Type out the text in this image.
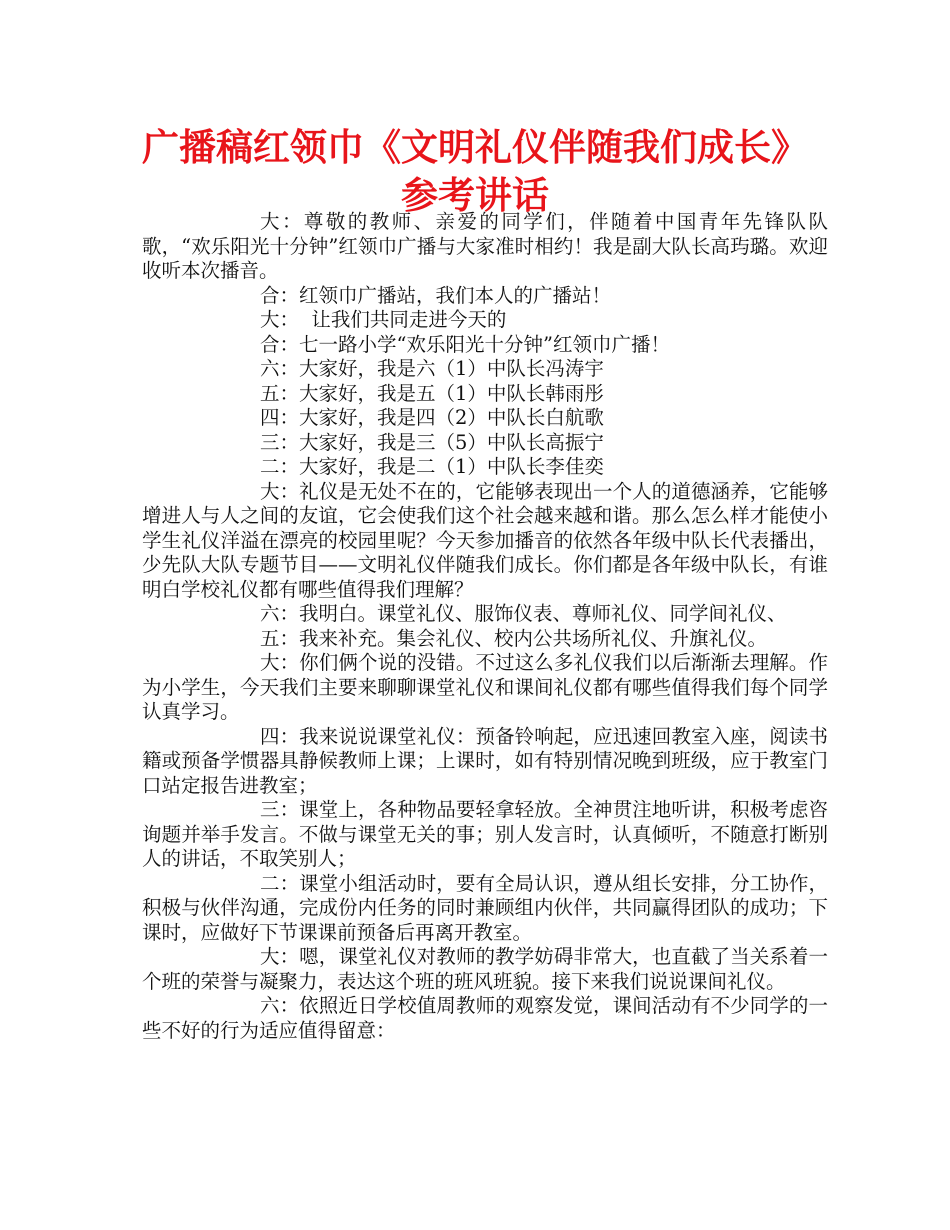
广播稿红领巾《文明礼仪伴随我们成长》
参考讲话

大：尊敬的教师、亲爱的同学们，伴随着中国青年先锋队队歌，“欢乐阳光十分钟”红领巾广播与大家准时相约！我是副大队长高玙璐。欢迎收听本次播音。

合：红领巾广播站，我们本人的广播站！

大：  让我们共同走进今天的

合：七一路小学“欢乐阳光十分钟”红领巾广播！

六：大家好，我是六（1）中队长冯涛宇

五：大家好，我是五（1）中队长韩雨彤

四：大家好，我是四（2）中队长白航歌

三：大家好，我是三（5）中队长高振宁

二：大家好，我是二（1）中队长李佳奕

大：礼仪是无处不在的，它能够表现出一个人的道德涵养，它能够增进人与人之间的友谊，它会使我们这个社会越来越和谐。那么怎么样才能使小学生礼仪洋溢在漂亮的校园里呢？今天参加播音的依然各年级中队长代表播出，少先队大队专题节目——文明礼仪伴随我们成长。你们都是各年级中队长，有谁明白学校礼仪都有哪些值得我们理解？

六：我明白。课堂礼仪、服饰仪表、尊师礼仪、同学间礼仪、

五：我来补充。集会礼仪、校内公共场所礼仪、升旗礼仪。

大：你们俩个说的没错。不过这么多礼仪我们以后渐渐去理解。作为小学生，今天我们主要来聊聊课堂礼仪和课间礼仪都有哪些值得我们每个同学认真学习。

四：我来说说课堂礼仪：预备铃响起，应迅速回教室入座，阅读书籍或预备学惯器具静候教师上课；上课时，如有特别情况晚到班级，应于教室门口站定报告进教室；

三：课堂上，各种物品要轻拿轻放。全神贯注地听讲，积极考虑咨询题并举手发言。不做与课堂无关的事；别人发言时，认真倾听，不随意打断别人的讲话，不取笑别人；

二：课堂小组活动时，要有全局认识，遵从组长安排，分工协作，积极与伙伴沟通，完成份内任务的同时兼顾组内伙伴，共同赢得团队的成功；下课时，应做好下节课课前预备后再离开教室。

大：嗯，课堂礼仪对教师的教学妨碍非常大，也直截了当关系着一个班的荣誉与凝聚力，表达这个班的班风班貌。接下来我们说说课间礼仪。

六：依照近日学校值周教师的观察发觉，课间活动有不少同学的一些不好的行为适应值得留意：
